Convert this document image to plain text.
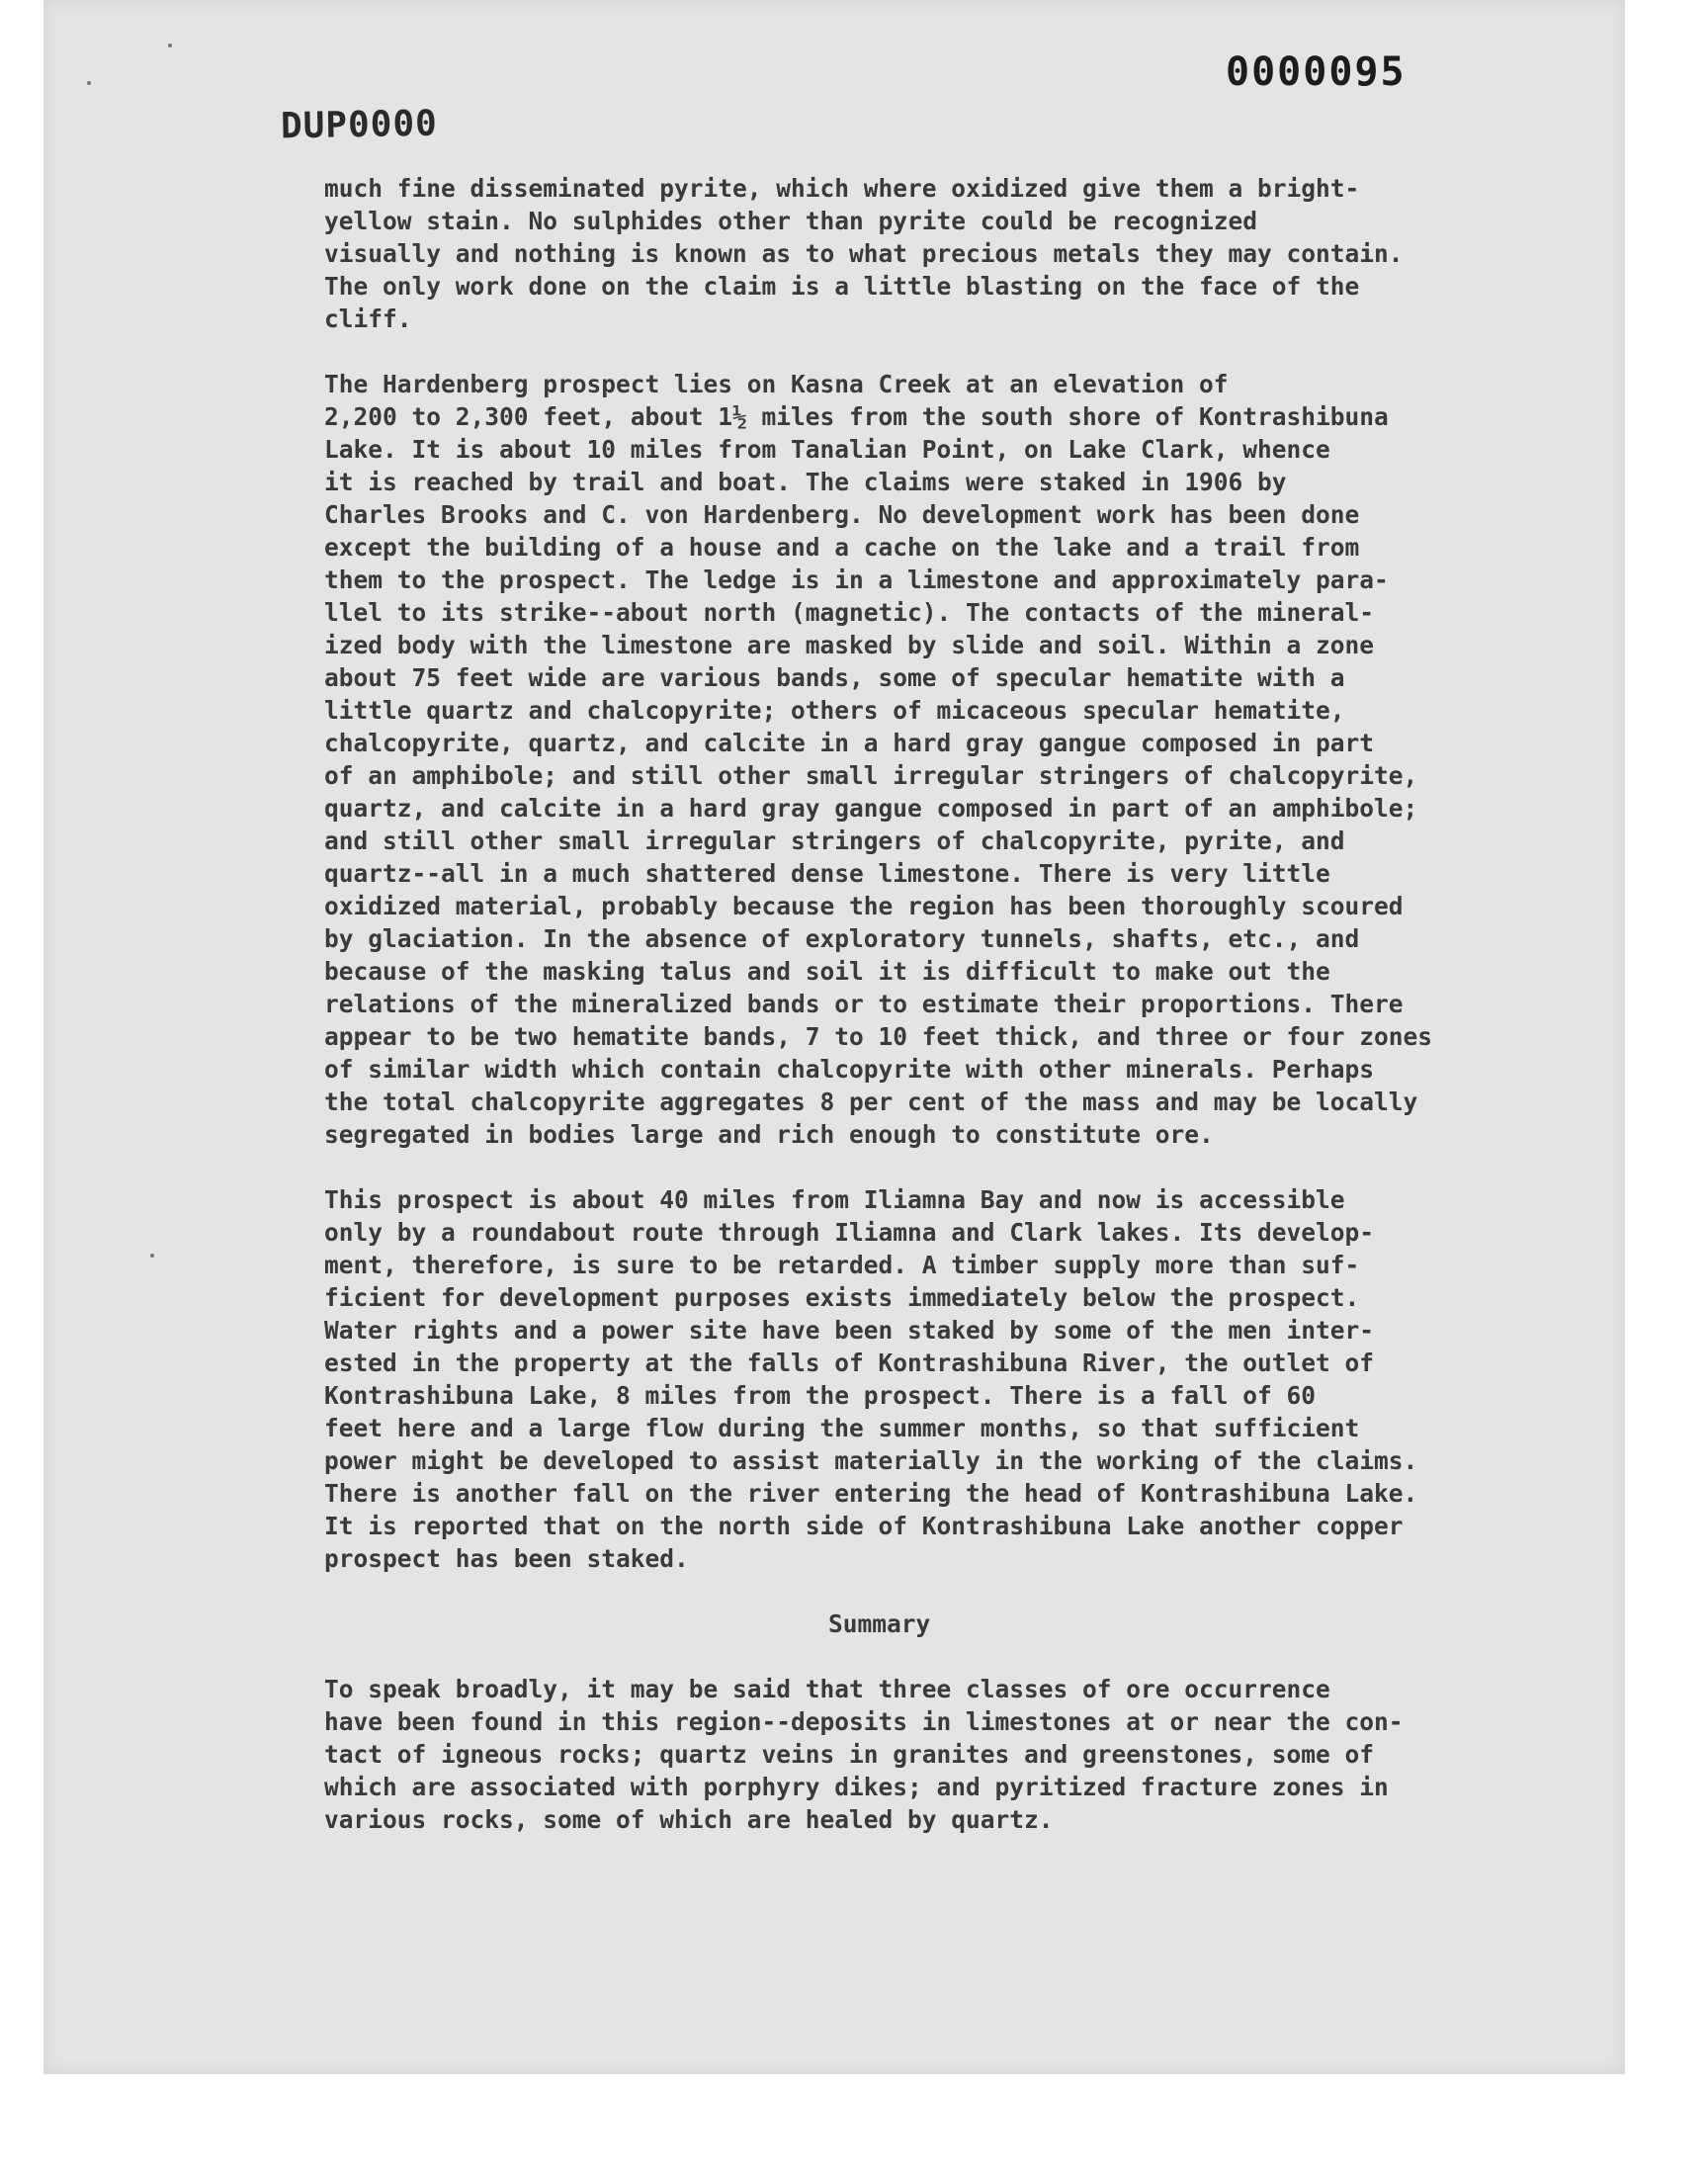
0000095
DUP0000

much fine disseminated pyrite, which where oxidized give them a bright-
yellow stain. No sulphides other than pyrite could be recognized
visually and nothing is known as to what precious metals they may contain.
The only work done on the claim is a little blasting on the face of the
cliff.

The Hardenberg prospect lies on Kasna Creek at an elevation of
2,200 to 2,300 feet, about 1½ miles from the south shore of Kontrashibuna
Lake. It is about 10 miles from Tanalian Point, on Lake Clark, whence
it is reached by trail and boat. The claims were staked in 1906 by
Charles Brooks and C. von Hardenberg. No development work has been done
except the building of a house and a cache on the lake and a trail from
them to the prospect. The ledge is in a limestone and approximately para-
llel to its strike--about north (magnetic). The contacts of the mineral-
ized body with the limestone are masked by slide and soil. Within a zone
about 75 feet wide are various bands, some of specular hematite with a
little quartz and chalcopyrite; others of micaceous specular hematite,
chalcopyrite, quartz, and calcite in a hard gray gangue composed in part
of an amphibole; and still other small irregular stringers of chalcopyrite,
quartz, and calcite in a hard gray gangue composed in part of an amphibole;
and still other small irregular stringers of chalcopyrite, pyrite, and
quartz--all in a much shattered dense limestone. There is very little
oxidized material, probably because the region has been thoroughly scoured
by glaciation. In the absence of exploratory tunnels, shafts, etc., and
because of the masking talus and soil it is difficult to make out the
relations of the mineralized bands or to estimate their proportions. There
appear to be two hematite bands, 7 to 10 feet thick, and three or four zones
of similar width which contain chalcopyrite with other minerals. Perhaps
the total chalcopyrite aggregates 8 per cent of the mass and may be locally
segregated in bodies large and rich enough to constitute ore.

This prospect is about 40 miles from Iliamna Bay and now is accessible
only by a roundabout route through Iliamna and Clark lakes. Its develop-
ment, therefore, is sure to be retarded. A timber supply more than suf-
ficient for development purposes exists immediately below the prospect.
Water rights and a power site have been staked by some of the men inter-
ested in the property at the falls of Kontrashibuna River, the outlet of
Kontrashibuna Lake, 8 miles from the prospect. There is a fall of 60
feet here and a large flow during the summer months, so that sufficient
power might be developed to assist materially in the working of the claims.
There is another fall on the river entering the head of Kontrashibuna Lake.
It is reported that on the north side of Kontrashibuna Lake another copper
prospect has been staked.

Summary

To speak broadly, it may be said that three classes of ore occurrence
have been found in this region--deposits in limestones at or near the con-
tact of igneous rocks; quartz veins in granites and greenstones, some of
which are associated with porphyry dikes; and pyritized fracture zones in
various rocks, some of which are healed by quartz.
